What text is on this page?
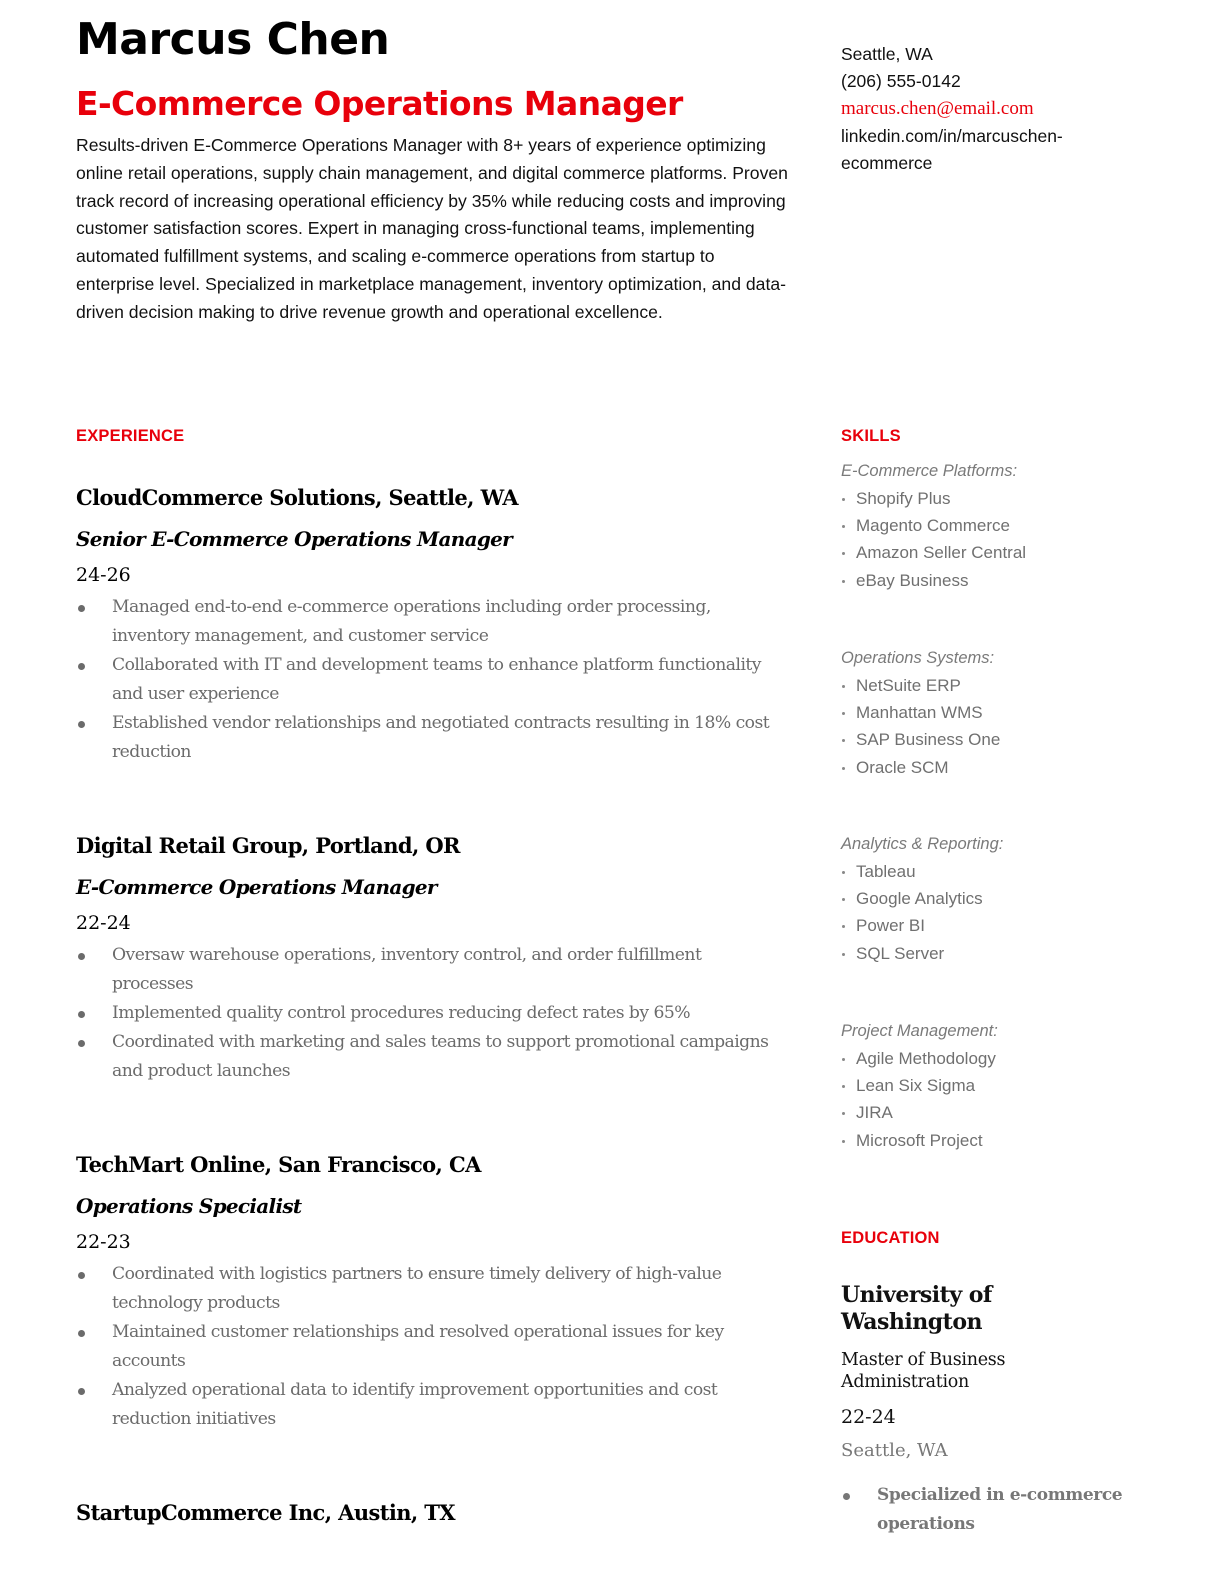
Marcus Chen
E-Commerce Operations Manager
Results-driven E-Commerce Operations Manager with 8+ years of experience optimizing online retail operations, supply chain management, and digital commerce platforms. Proven track record of increasing operational efficiency by 35% while reducing costs and improving customer satisfaction scores. Expert in managing cross-functional teams, implementing automated fulfillment systems, and scaling e-commerce operations from startup to enterprise level. Specialized in marketplace management, inventory optimization, and data-driven decision making to drive revenue growth and operational excellence.
Seattle, WA
(206) 555-0142
marcus.chen@email.com
linkedin.com/in/marcuschen-
ecommerce
EXPERIENCE
CloudCommerce Solutions, Seattle, WA
Senior E-Commerce Operations Manager
24-26
Managed end-to-end e-commerce operations including order processing, inventory management, and customer service
Collaborated with IT and development teams to enhance platform functionality and user experience
Established vendor relationships and negotiated contracts resulting in 18% cost reduction
Digital Retail Group, Portland, OR
E-Commerce Operations Manager
22-24
Oversaw warehouse operations, inventory control, and order fulfillment processes
Implemented quality control procedures reducing defect rates by 65%
Coordinated with marketing and sales teams to support promotional campaigns and product launches
TechMart Online, San Francisco, CA
Operations Specialist
22-23
Coordinated with logistics partners to ensure timely delivery of high-value technology products
Maintained customer relationships and resolved operational issues for key accounts
Analyzed operational data to identify improvement opportunities and cost reduction initiatives
StartupCommerce Inc, Austin, TX
SKILLS
E-Commerce Platforms:
Shopify Plus
Magento Commerce
Amazon Seller Central
eBay Business
Operations Systems:
NetSuite ERP
Manhattan WMS
SAP Business One
Oracle SCM
Analytics & Reporting:
Tableau
Google Analytics
Power BI
SQL Server
Project Management:
Agile Methodology
Lean Six Sigma
JIRA
Microsoft Project
EDUCATION
University of Washington
Master of Business Administration
22-24
Seattle, WA
Specialized in e-commerce operations
